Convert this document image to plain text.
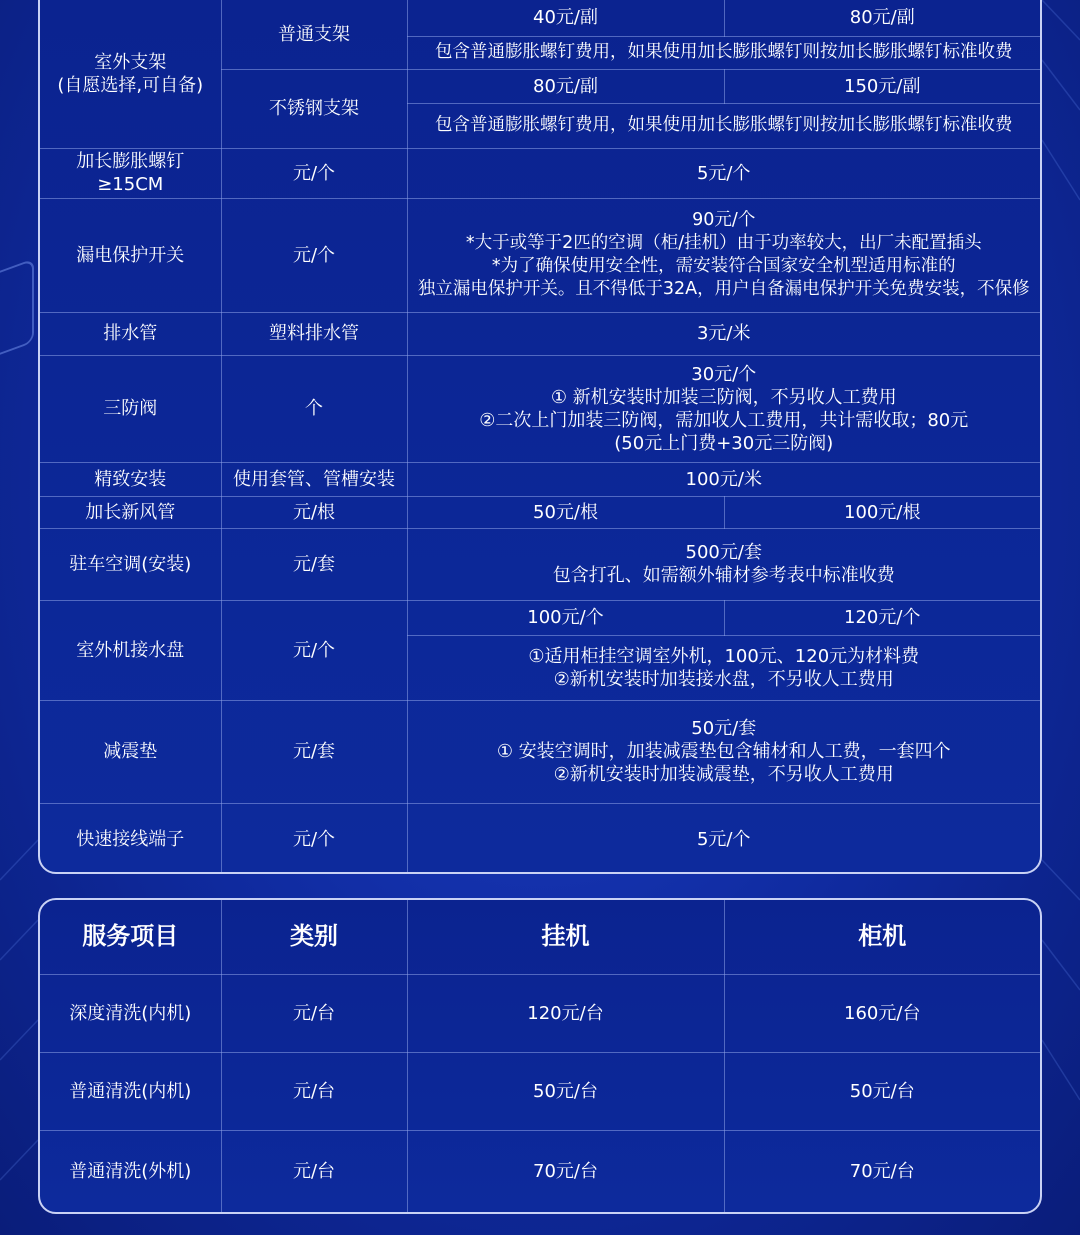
室外支架
(自愿选择,可自备)	普通支架	40元/副	80元/副
		包含普通膨胀螺钉费用，如果使用加长膨胀螺钉则按加长膨胀螺钉标准收费	
	不锈钢支架	80元/副	150元/副
		包含普通膨胀螺钉费用，如果使用加长膨胀螺钉则按加长膨胀螺钉标准收费	

加长膨胀螺钉
≥15CM	元/个	5元/个	
漏电保护开关	元/个	90元/个
*大于或等于2匹的空调（柜/挂机）由于功率较大，出厂未配置插头
*为了确保使用安全性，需安装符合国家安全机型适用标准的
独立漏电保护开关。且不得低于32A，用户自备漏电保护开关免费安装，不保修	

排水管	塑料排水管	3元/米	
三防阀	个	30元/个
① 新机安装时加装三防阀，不另收人工费用
②二次上门加装三防阀，需加收人工费用，共计需收取；80元
(50元上门费+30元三防阀)	

精致安装	使用套管、管槽安装	100元/米	
加长新风管	元/根	50元/根	100元/根
驻车空调(安装)	元/套	500元/套
包含打孔、如需额外辅材参考表中标准收费	

室外机接水盘	元/个	100元/个	120元/个

		①适用柜挂空调室外机，100元、120元为材料费
②新机安装时加装接水盘，不另收人工费用	

减震垫	元/套	50元/套
① 安装空调时，加装减震垫包含辅材和人工费，一套四个
②新机安装时加装减震垫，不另收人工费用	

快速接线端子	元/个	5元/个	
服务项目	类别	挂机	柜机
深度清洗(内机)	元/台	120元/台	160元/台
普通清洗(内机)	元/台	50元/台	50元/台
普通清洗(外机)	元/台	70元/台	70元/台
